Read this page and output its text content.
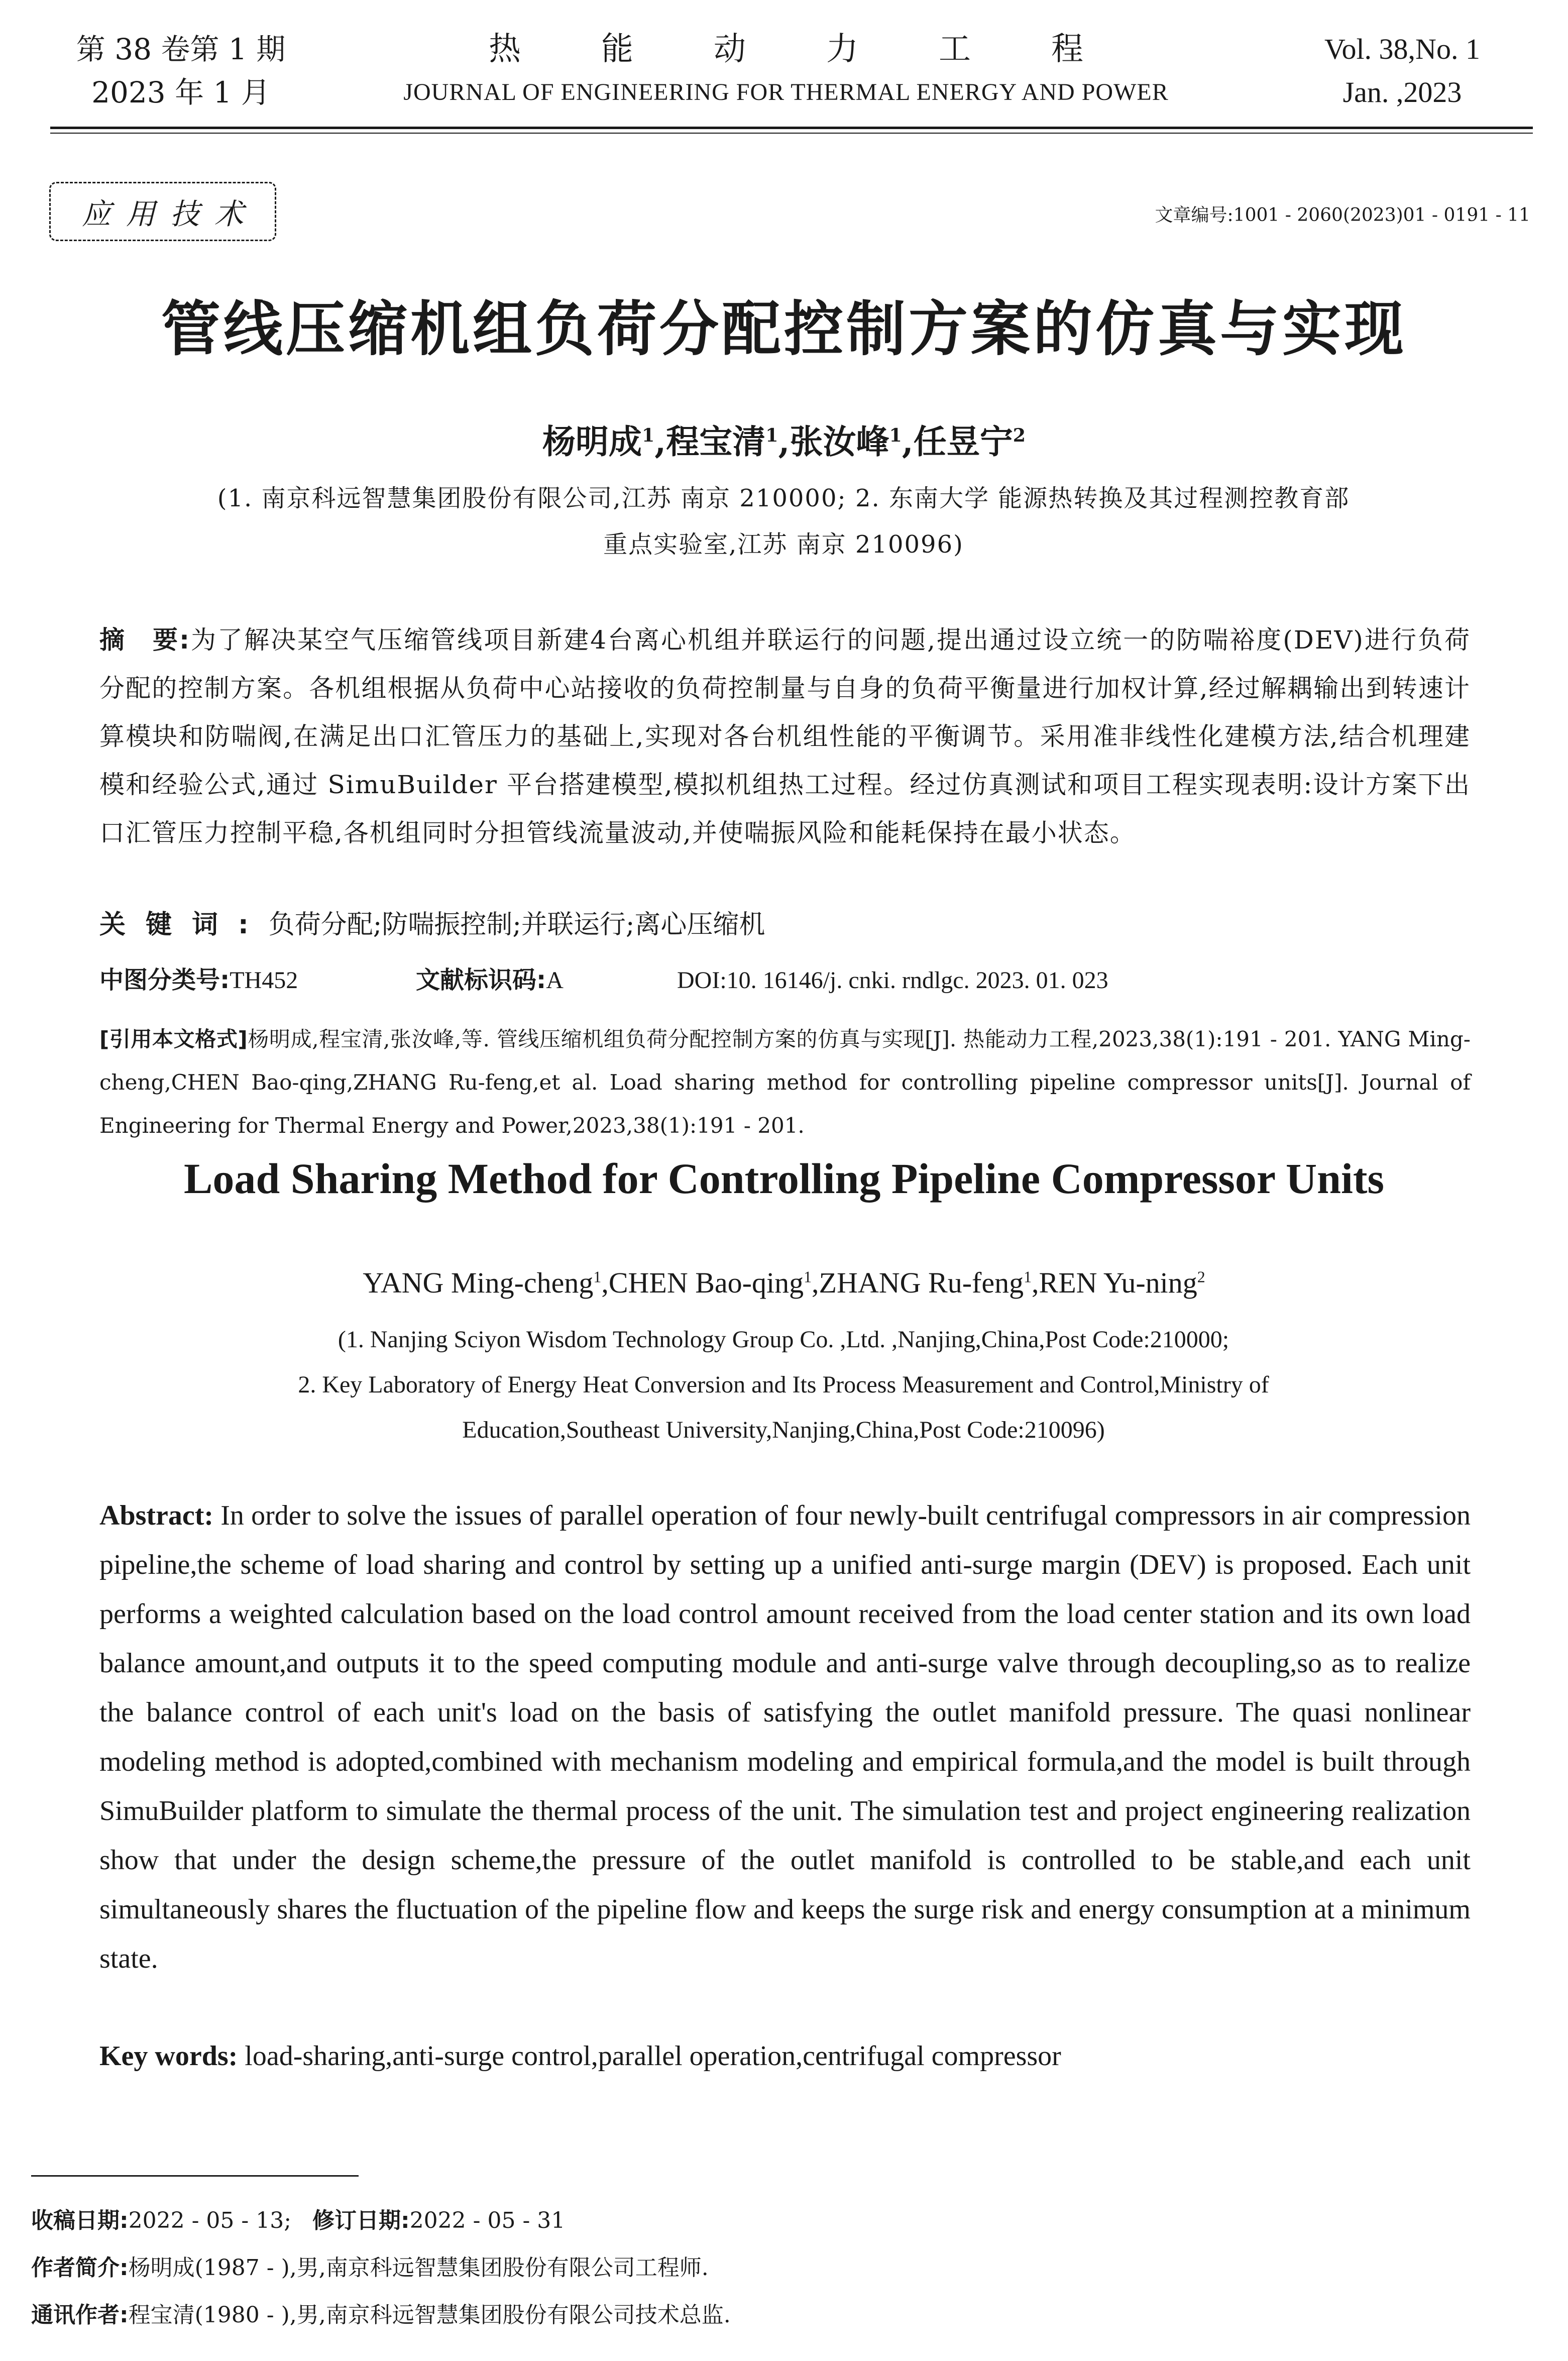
第 38 卷第 1 期
2023 年 1 月
热能动力工程
JOURNAL OF ENGINEERING FOR THERMAL ENERGY AND POWER
Vol. 38,No. 1
Jan. ,2023
应用技术	文章编号:1001 - 2060(2023)01 - 0191 - 11
管线压缩机组负荷分配控制方案的仿真与实现
杨明成$^1$,程宝清$^1$,张汝峰$^1$,任昱宁$^2$
(1. 南京科远智慧集团股份有限公司,江苏 南京 210000; 2. 东南大学 能源热转换及其过程测控教育部
重点实验室,江苏 南京 210096)
摘　要:为了解决某空气压缩管线项目新建4台离心机组并联运行的问题,提出通过设立统一的防喘裕度(DEV)进行负荷分配的控制方案。各机组根据从负荷中心站接收的负荷控制量与自身的负荷平衡量进行加权计算,经过解耦输出到转速计算模块和防喘阀,在满足出口汇管压力的基础上,实现对各台机组性能的平衡调节。采用准非线性化建模方法,结合机理建模和经验公式,通过 SimuBuilder 平台搭建模型,模拟机组热工过程。经过仿真测试和项目工程实现表明:设计方案下出口汇管压力控制平稳,各机组同时分担管线流量波动,并使喘振风险和能耗保持在最小状态。
关键词:负荷分配;防喘振控制;并联运行;离心压缩机
中图分类号:TH452	文献标识码:A	DOI:10. 16146/j. cnki. rndlgc. 2023. 01. 023
[引用本文格式]杨明成,程宝清,张汝峰,等. 管线压缩机组负荷分配控制方案的仿真与实现[J]. 热能动力工程,2023,38(1):191 - 201. YANG Ming-cheng,CHEN Bao-qing,ZHANG Ru-feng,et al. Load sharing method for controlling pipeline compressor units[J]. Journal of Engineering for Thermal Energy and Power,2023,38(1):191 - 201.
Load Sharing Method for Controlling Pipeline Compressor Units
YANG Ming-cheng$^1$,CHEN Bao-qing$^1$,ZHANG Ru-feng$^1$,REN Yu-ning$^2$
(1. Nanjing Sciyon Wisdom Technology Group Co. ,Ltd. ,Nanjing,China,Post Code:210000;
2. Key Laboratory of Energy Heat Conversion and Its Process Measurement and Control,Ministry of
Education,Southeast University,Nanjing,China,Post Code:210096)
Abstract: In order to solve the issues of parallel operation of four newly-built centrifugal compressors in air compression pipeline,the scheme of load sharing and control by setting up a unified anti-surge margin (DEV) is proposed. Each unit performs a weighted calculation based on the load control amount received from the load center station and its own load balance amount,and outputs it to the speed computing module and anti-surge valve through decoupling,so as to realize the balance control of each unit's load on the basis of satisfying the outlet manifold pressure. The quasi nonlinear modeling method is adopted,combined with mechanism modeling and empirical formula,and the model is built through SimuBuilder platform to simulate the thermal process of the unit. The simulation test and project engineering realization show that under the design scheme,the pressure of the outlet manifold is controlled to be stable,and each unit simultaneously shares the fluctuation of the pipeline flow and keeps the surge risk and energy consumption at a minimum state.
Key words: load-sharing,anti-surge control,parallel operation,centrifugal compressor
收稿日期:2022 - 05 - 13; 修订日期:2022 - 05 - 31
作者简介:杨明成(1987 - ),男,南京科远智慧集团股份有限公司工程师.
通讯作者:程宝清(1980 - ),男,南京科远智慧集团股份有限公司技术总监.
